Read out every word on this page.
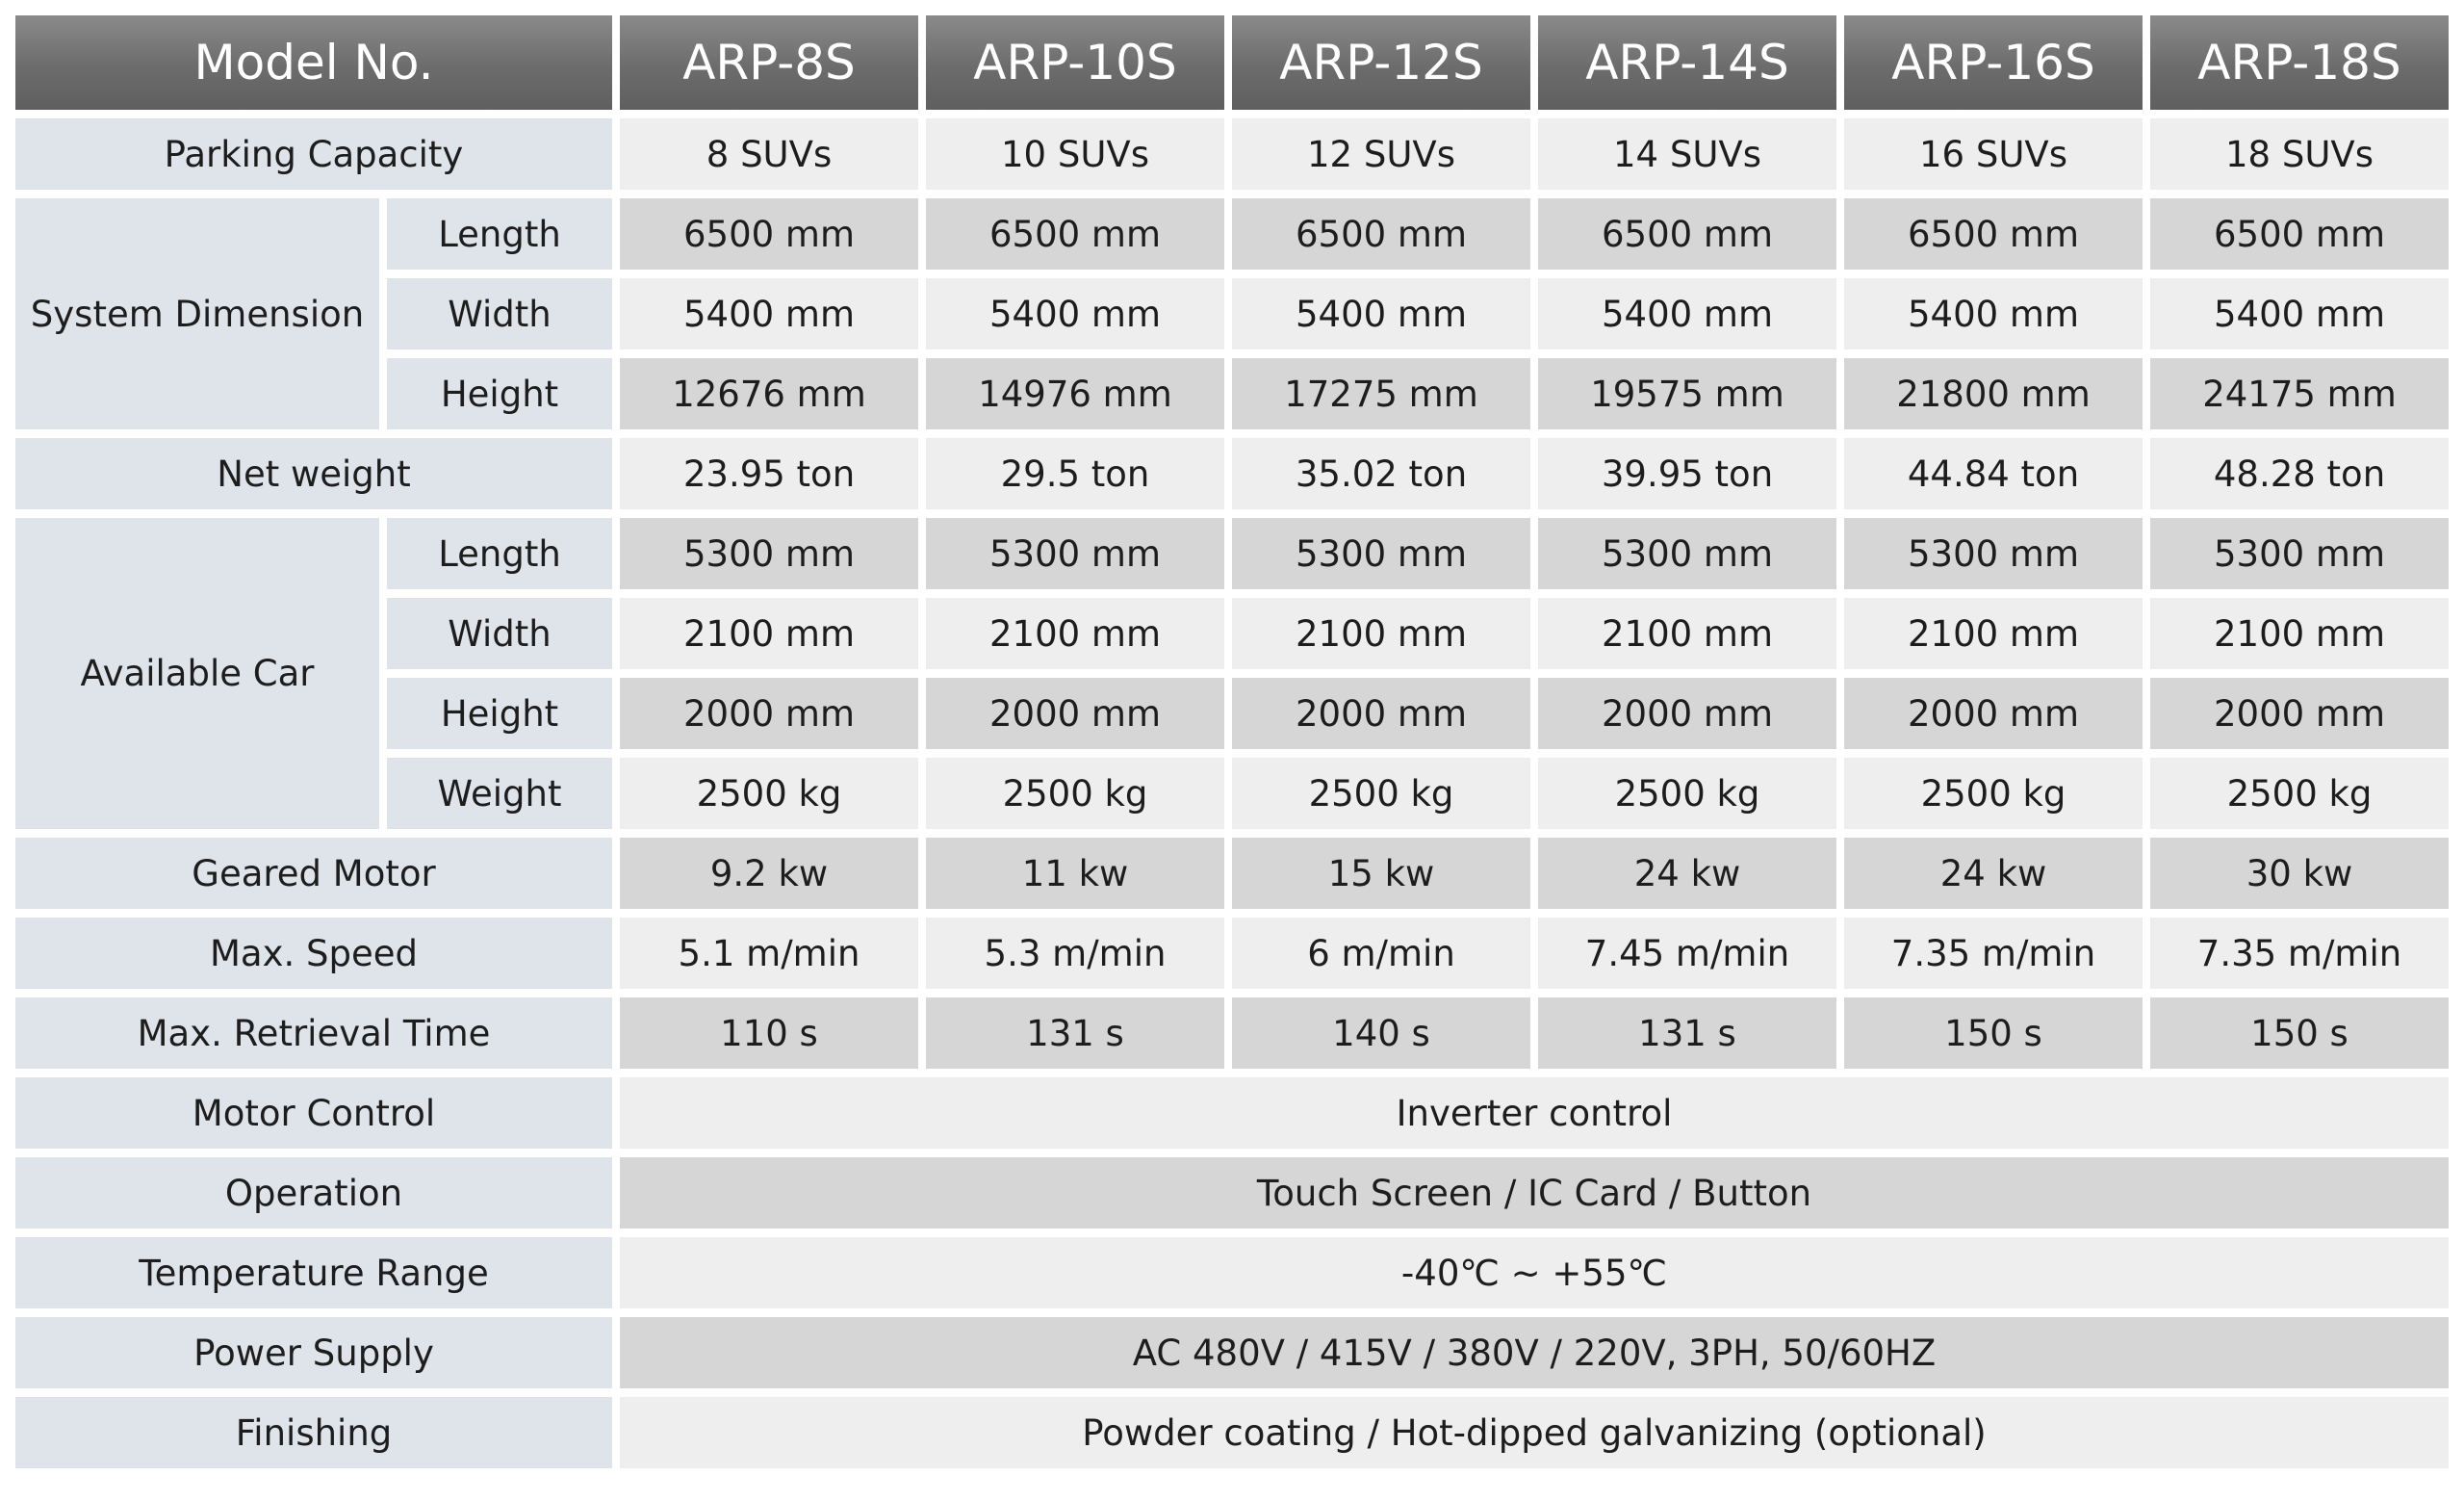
Model No.	ARP-8S	ARP-10S	ARP-12S	ARP-14S	ARP-16S	ARP-18S
Parking Capacity	8 SUVs	10 SUVs	12 SUVs	14 SUVs	16 SUVs	18 SUVs
System Dimension
Length	6500 mm	6500 mm	6500 mm	6500 mm	6500 mm	6500 mm
Width	5400 mm	5400 mm	5400 mm	5400 mm	5400 mm	5400 mm
Height	12676 mm	14976 mm	17275 mm	19575 mm	21800 mm	24175 mm
Net weight	23.95 ton	29.5 ton	35.02 ton	39.95 ton	44.84 ton	48.28 ton
Available Car
Length	5300 mm	5300 mm	5300 mm	5300 mm	5300 mm	5300 mm
Width	2100 mm	2100 mm	2100 mm	2100 mm	2100 mm	2100 mm
Height	2000 mm	2000 mm	2000 mm	2000 mm	2000 mm	2000 mm
Weight	2500 kg	2500 kg	2500 kg	2500 kg	2500 kg	2500 kg
Geared Motor	9.2 kw	11 kw	15 kw	24 kw	24 kw	30 kw
Max. Speed	5.1 m/min	5.3 m/min	6 m/min	7.45 m/min	7.35 m/min	7.35 m/min
Max. Retrieval Time	110 s	131 s	140 s	131 s	150 s	150 s
Motor Control	Inverter control
Operation	Touch Screen / IC Card / Button
Temperature Range	-40℃ ~ +55℃
Power Supply	AC 480V / 415V / 380V / 220V, 3PH, 50/60HZ
Finishing	Powder coating / Hot-dipped galvanizing (optional)
